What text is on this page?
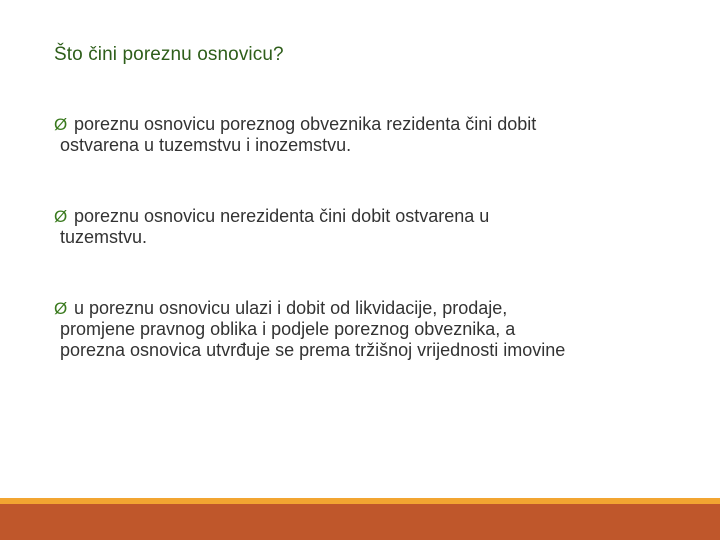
Što čini poreznu osnovicu?
Ø poreznu osnovicu poreznog obveznika rezidenta čini dobit
ostvarena u tuzemstvu i inozemstvu.
Ø poreznu osnovicu nerezidenta čini dobit ostvarena u
tuzemstvu.
Ø u poreznu osnovicu ulazi i dobit od likvidacije, prodaje,
promjene pravnog oblika i podjele poreznog obveznika, a
porezna osnovica utvrđuje se prema tržišnoj vrijednosti imovine
